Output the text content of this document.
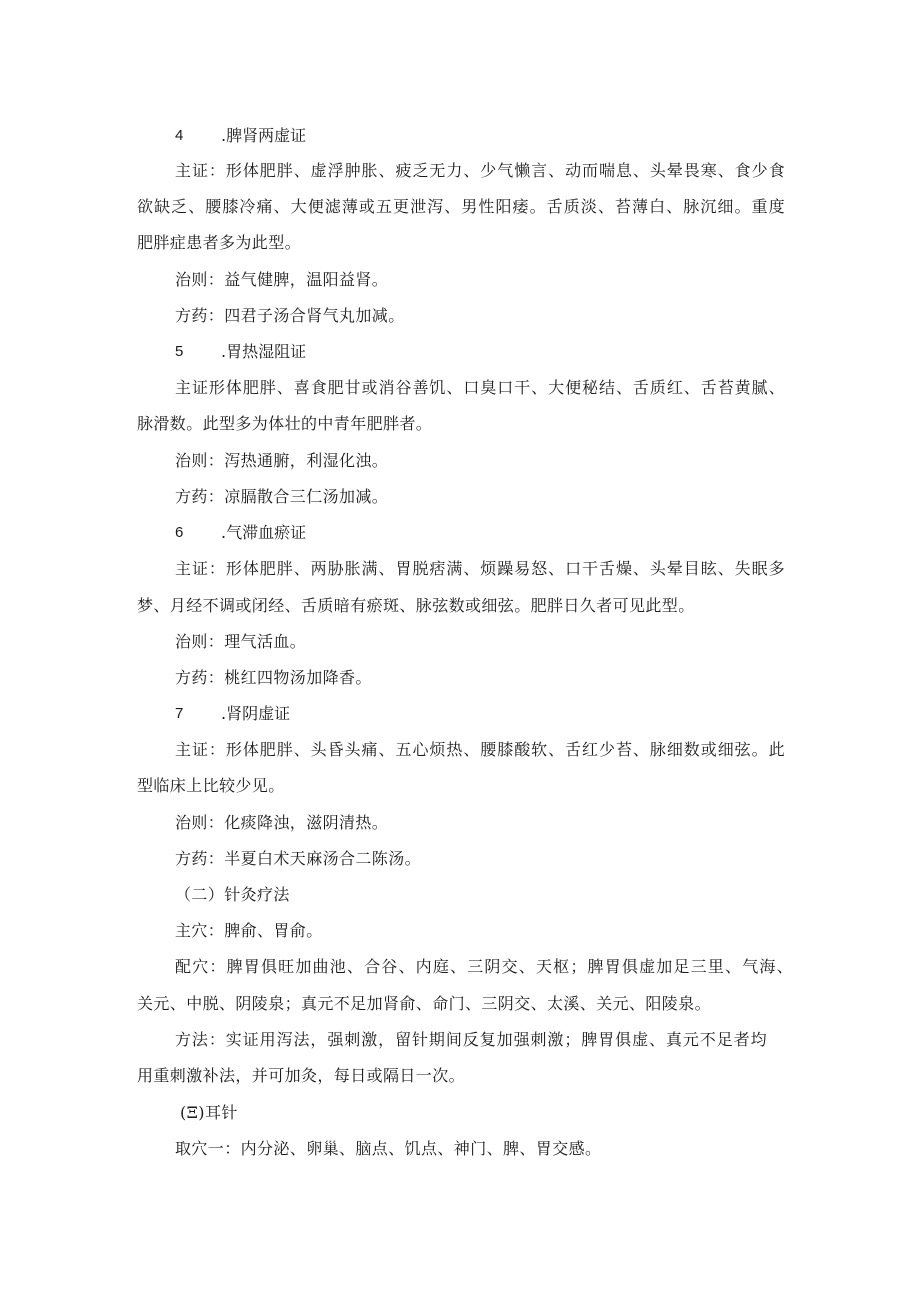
4 .脾肾两虚证
主证：形体肥胖、虚浮肿胀、疲乏无力、少气懒言、动而喘息、头晕畏寒、食少食
欲缺乏、腰膝冷痛、大便滤薄或五更泄泻、男性阳痿。舌质淡、苔薄白、脉沉细。重度
肥胖症患者多为此型。
治则：益气健脾，温阳益肾。
方药：四君子汤合肾气丸加减。
5 .胃热湿阻证
主证形体肥胖、喜食肥甘或消谷善饥、口臭口干、大便秘结、舌质红、舌苔黄腻、
脉滑数。此型多为体壮的中青年肥胖者。
治则：泻热通腑，利湿化浊。
方药：凉膈散合三仁汤加减。
6 .气滞血瘀证
主证：形体肥胖、两胁胀满、胃脱痞满、烦躁易怒、口干舌燥、头晕目眩、失眠多
梦、月经不调或闭经、舌质暗有瘀斑、脉弦数或细弦。肥胖日久者可见此型。
治则：理气活血。
方药：桃红四物汤加降香。
7 .肾阴虚证
主证：形体肥胖、头昏头痛、五心烦热、腰膝酸软、舌红少苔、脉细数或细弦。此
型临床上比较少见。
治则：化痰降浊，滋阴清热。
方药：半夏白术天麻汤合二陈汤。
（二）针灸疗法
主穴：脾俞、胃俞。
配穴：脾胃俱旺加曲池、合谷、内庭、三阴交、天枢；脾胃俱虚加足三里、气海、
关元、中脱、阴陵泉；真元不足加肾俞、命门、三阴交、太溪、关元、阳陵泉。
方法：实证用泻法，强刺激，留针期间反复加强刺激；脾胃俱虚、真元不足者均
用重刺激补法，并可加灸，每日或隔日一次。
(Ξ)耳针
取穴一：内分泌、卵巢、脑点、饥点、神门、脾、胃交感。
